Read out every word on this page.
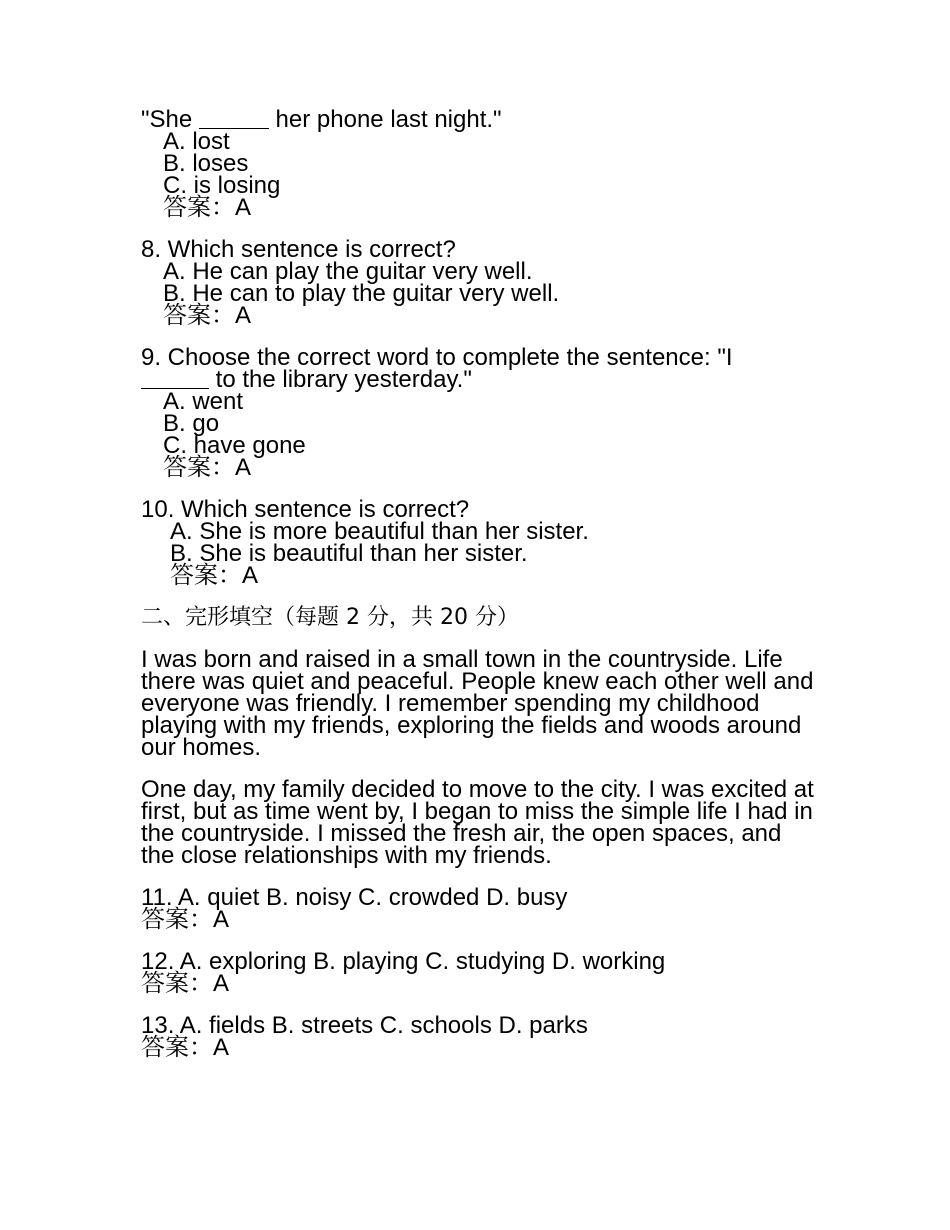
"She	her phone last night."
A. lost
B. loses
C. is losing
答案：A
8. Which sentence is correct?
A. He can play the guitar very well.
B. He can to play the guitar very well.
答案：A
9. Choose the correct word to complete the sentence: "I
to the library yesterday."
A. went
B. go
C. have gone
答案：A
10. Which sentence is correct?
A. She is more beautiful than her sister.
B. She is beautiful than her sister.
答案：A
二、完形填空（每题 2 分，共 20 分）
I was born and raised in a small town in the countryside. Life there was quiet and peaceful. People knew each other well and everyone was friendly. I remember spending my childhood playing with my friends, exploring the fields and woods around our homes.
One day, my family decided to move to the city. I was excited at first, but as time went by, I began to miss the simple life I had in the countryside. I missed the fresh air, the open spaces, and the close relationships with my friends.
11. A. quiet B. noisy C. crowded D. busy
答案：A
12. A. exploring B. playing C. studying D. working
答案：A
13. A. fields B. streets C. schools D. parks
答案：A
